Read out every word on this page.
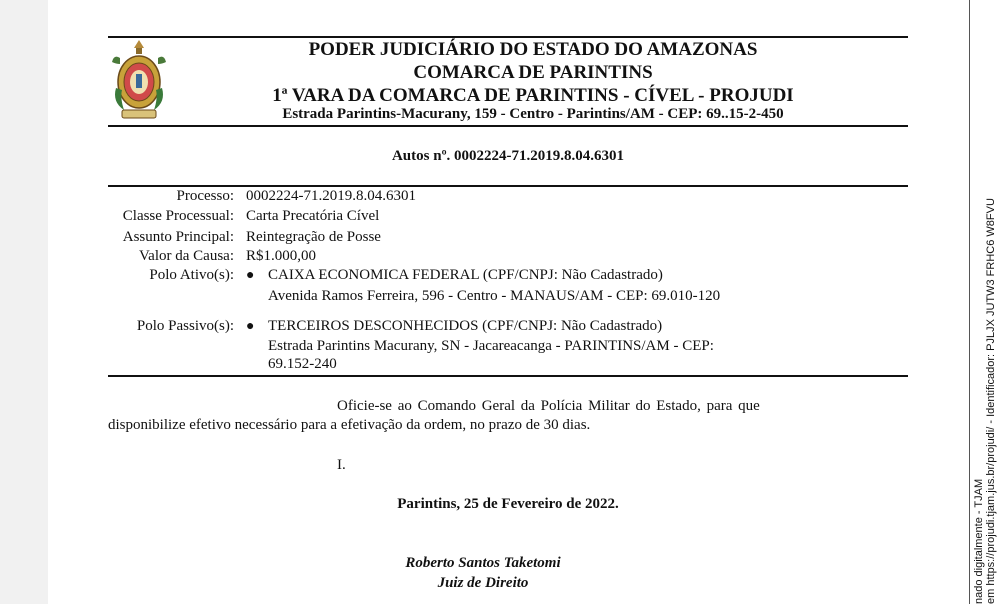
PODER JUDICIÁRIO DO ESTADO DO AMAZONAS
COMARCA DE PARINTINS
1ª VARA DA COMARCA DE PARINTINS - CÍVEL - PROJUDI
Estrada Parintins-Macurany, 159 - Centro - Parintins/AM - CEP: 69..15-2-450
Autos nº. 0002224-71.2019.8.04.6301
Processo: 0002224-71.2019.8.04.6301
Classe Processual: Carta Precatória Cível
Assunto Principal: Reintegração de Posse
Valor da Causa: R$1.000,00
Polo Ativo(s): ● CAIXA ECONOMICA FEDERAL (CPF/CNPJ: Não Cadastrado)
Avenida Ramos Ferreira, 596 - Centro - MANAUS/AM - CEP: 69.010-120
Polo Passivo(s): ● TERCEIROS DESCONHECIDOS (CPF/CNPJ: Não Cadastrado)
Estrada Parintins Macurany, SN - Jacareacanga - PARINTINS/AM - CEP:
69.152-240
Oficie-se ao Comando Geral da Polícia Militar do Estado, para que
disponibilize efetivo necessário para a efetivação da ordem, no prazo de 30 dias.
I.
Parintins, 25 de Fevereiro de 2022.
Roberto Santos Taketomi
Juiz de Direito	nado digitalmente - TJAM em https://projudi.tjam.jus.br/projudi/ - Identificador: PJLJX JUTW3 FRHC6 W8FVU
